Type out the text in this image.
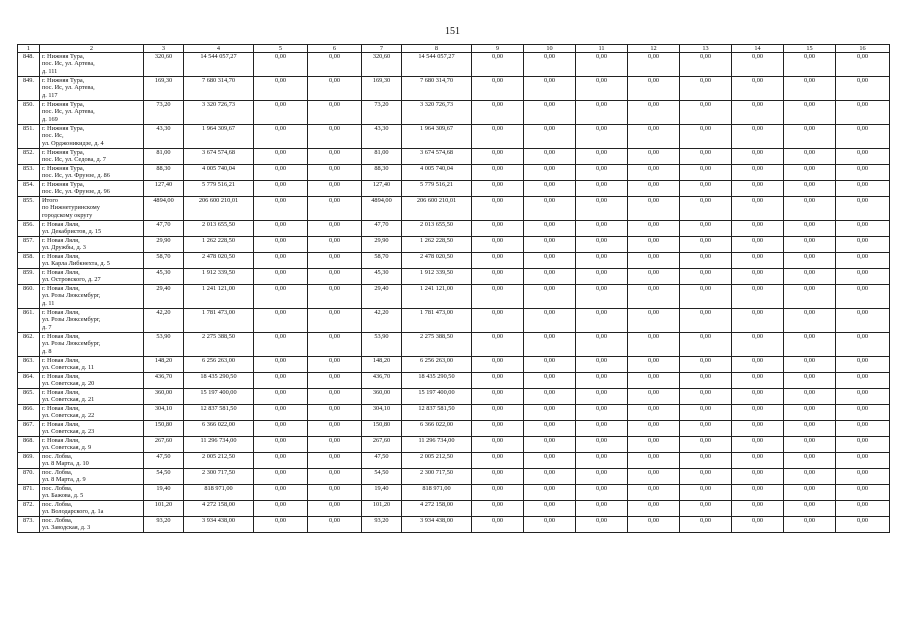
151
1	2	3	4	5	6	7	8	9	10	11	12	13	14	15	16
848.	г. Нижняя Тура,
пос. Ис, ул. Артева,
д. 111	320,60	14 544 057,27	0,00	0,00	320,60	14 544 057,27	0,00	0,00	0,00	0,00	0,00	0,00	0,00	0,00
849.	г. Нижняя Тура,
пос. Ис, ул. Артева,
д. 117	169,30	7 680 314,70	0,00	0,00	169,30	7 680 314,70	0,00	0,00	0,00	0,00	0,00	0,00	0,00	0,00
850.	г. Нижняя Тура,
пос. Ис, ул. Артева,
д. 169	73,20	3 320 726,73	0,00	0,00	73,20	3 320 726,73	0,00	0,00	0,00	0,00	0,00	0,00	0,00	0,00
851.	г. Нижняя Тура,
пос. Ис,
ул. Орджоникидзе, д. 4	43,30	1 964 309,67	0,00	0,00	43,30	1 964 309,67	0,00	0,00	0,00	0,00	0,00	0,00	0,00	0,00
852.	г. Нижняя Тура,
пос. Ис, ул. Седова, д. 7	81,00	3 674 574,68	0,00	0,00	81,00	3 674 574,68	0,00	0,00	0,00	0,00	0,00	0,00	0,00	0,00
853.	г. Нижняя Тура,
пос. Ис, ул. Фрунзе, д. 86	88,30	4 005 740,04	0,00	0,00	88,30	4 005 740,04	0,00	0,00	0,00	0,00	0,00	0,00	0,00	0,00
854.	г. Нижняя Тура,
пос. Ис, ул. Фрунзе, д. 96	127,40	5 779 516,21	0,00	0,00	127,40	5 779 516,21	0,00	0,00	0,00	0,00	0,00	0,00	0,00	0,00
855.	Итого
по Нижнетуринскому
городскому округу	4894,00	206 600 210,01	0,00	0,00	4894,00	206 600 210,01	0,00	0,00	0,00	0,00	0,00	0,00	0,00	0,00
856.	г. Новая Ляля,
ул. Декабристов, д. 15	47,70	2 013 655,50	0,00	0,00	47,70	2 013 655,50	0,00	0,00	0,00	0,00	0,00	0,00	0,00	0,00
857.	г. Новая Ляля,
ул. Дружбы, д. 3	29,90	1 262 228,50	0,00	0,00	29,90	1 262 228,50	0,00	0,00	0,00	0,00	0,00	0,00	0,00	0,00
858.	г. Новая Ляля,
ул. Карла Либкнехта, д. 5	58,70	2 478 020,50	0,00	0,00	58,70	2 478 020,50	0,00	0,00	0,00	0,00	0,00	0,00	0,00	0,00
859.	г. Новая Ляля,
ул. Островского, д. 27	45,30	1 912 339,50	0,00	0,00	45,30	1 912 339,50	0,00	0,00	0,00	0,00	0,00	0,00	0,00	0,00
860.	г. Новая Ляля,
ул. Розы Люксембург,
д. 11	29,40	1 241 121,00	0,00	0,00	29,40	1 241 121,00	0,00	0,00	0,00	0,00	0,00	0,00	0,00	0,00
861.	г. Новая Ляля,
ул. Розы Люксембург,
д. 7	42,20	1 781 473,00	0,00	0,00	42,20	1 781 473,00	0,00	0,00	0,00	0,00	0,00	0,00	0,00	0,00
862.	г. Новая Ляля,
ул. Розы Люксембург,
д. 8	53,90	2 275 388,50	0,00	0,00	53,90	2 275 388,50	0,00	0,00	0,00	0,00	0,00	0,00	0,00	0,00
863.	г. Новая Ляля,
ул. Советская, д. 11	148,20	6 256 263,00	0,00	0,00	148,20	6 256 263,00	0,00	0,00	0,00	0,00	0,00	0,00	0,00	0,00
864.	г. Новая Ляля,
ул. Советская, д. 20	436,70	18 435 290,50	0,00	0,00	436,70	18 435 290,50	0,00	0,00	0,00	0,00	0,00	0,00	0,00	0,00
865.	г. Новая Ляля,
ул. Советская, д. 21	360,00	15 197 400,00	0,00	0,00	360,00	15 197 400,00	0,00	0,00	0,00	0,00	0,00	0,00	0,00	0,00
866.	г. Новая Ляля,
ул. Советская, д. 22	304,10	12 837 581,50	0,00	0,00	304,10	12 837 581,50	0,00	0,00	0,00	0,00	0,00	0,00	0,00	0,00
867.	г. Новая Ляля,
ул. Советская, д. 23	150,80	6 366 022,00	0,00	0,00	150,80	6 366 022,00	0,00	0,00	0,00	0,00	0,00	0,00	0,00	0,00
868.	г. Новая Ляля,
ул. Советская, д. 9	267,60	11 296 734,00	0,00	0,00	267,60	11 296 734,00	0,00	0,00	0,00	0,00	0,00	0,00	0,00	0,00
869.	пос. Лобва,
ул. 8 Марта, д. 10	47,50	2 005 212,50	0,00	0,00	47,50	2 005 212,50	0,00	0,00	0,00	0,00	0,00	0,00	0,00	0,00
870.	пос. Лобва,
ул. 8 Марта, д. 9	54,50	2 300 717,50	0,00	0,00	54,50	2 300 717,50	0,00	0,00	0,00	0,00	0,00	0,00	0,00	0,00
871.	пос. Лобва,
ул. Бажова, д. 5	19,40	818 971,00	0,00	0,00	19,40	818 971,00	0,00	0,00	0,00	0,00	0,00	0,00	0,00	0,00
872.	пос. Лобва,
ул. Володарского, д. 1а	101,20	4 272 158,00	0,00	0,00	101,20	4 272 158,00	0,00	0,00	0,00	0,00	0,00	0,00	0,00	0,00
873.	пос. Лобва,
ул. Заводская, д. 3	93,20	3 934 438,00	0,00	0,00	93,20	3 934 438,00	0,00	0,00	0,00	0,00	0,00	0,00	0,00	0,00
